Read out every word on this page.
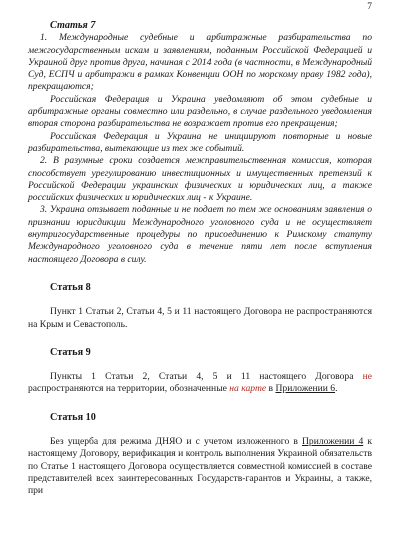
7

Статья 7

1. Международные судебные и арбитражные разбирательства по межгосударственным искам и заявлениям, поданным Российской Федерацией и Украиной друг против друга, начиная с 2014 года (в частности, в Международный Суд, ЕСПЧ и арбитражи в рамках Конвенции ООН по морскому праву 1982 года), прекращаются;

Российская Федерация и Украина уведомляют об этом судебные и арбитражные органы совместно или раздельно, в случае раздельного уведомления вторая сторона разбирательства не возражает против его прекращения;

Российская Федерация и Украина не инициируют повторные и новые разбирательства, вытекающие из тех же событий.

2. В разумные сроки создается межправительственная комиссия, которая способствует урегулированию инвестиционных и имущественных претензий к Российской Федерации украинских физических и юридических лиц, а также российских физических и юридических лиц - к Украине.

3. Украина отзывает поданные и не подает по тем же основаниям заявления о признании юрисдикции Международного уголовного суда и не осуществляет внутригосударственные процедуры по присоединению к Римскому статуту Международного уголовного суда в течение пяти лет после вступления настоящего Договора в силу.

Статья 8

Пункт 1 Статьи 2, Статьи 4, 5 и 11 настоящего Договора не распространяются на Крым и Севастополь.

Статья 9

Пункты 1 Статьи 2, Статьи 4, 5 и 11 настоящего Договора не распространяются на территории, обозначенные на карте в Приложении 6.

Статья 10

Без ущерба для режима ДНЯО и с учетом изложенного в Приложении 4 к настоящему Договору, верификация и контроль выполнения Украиной обязательств по Статье 1 настоящего Договора осуществляется совместной комиссией в составе представителей всех заинтересованных Государств-гарантов и Украины, а также, при
